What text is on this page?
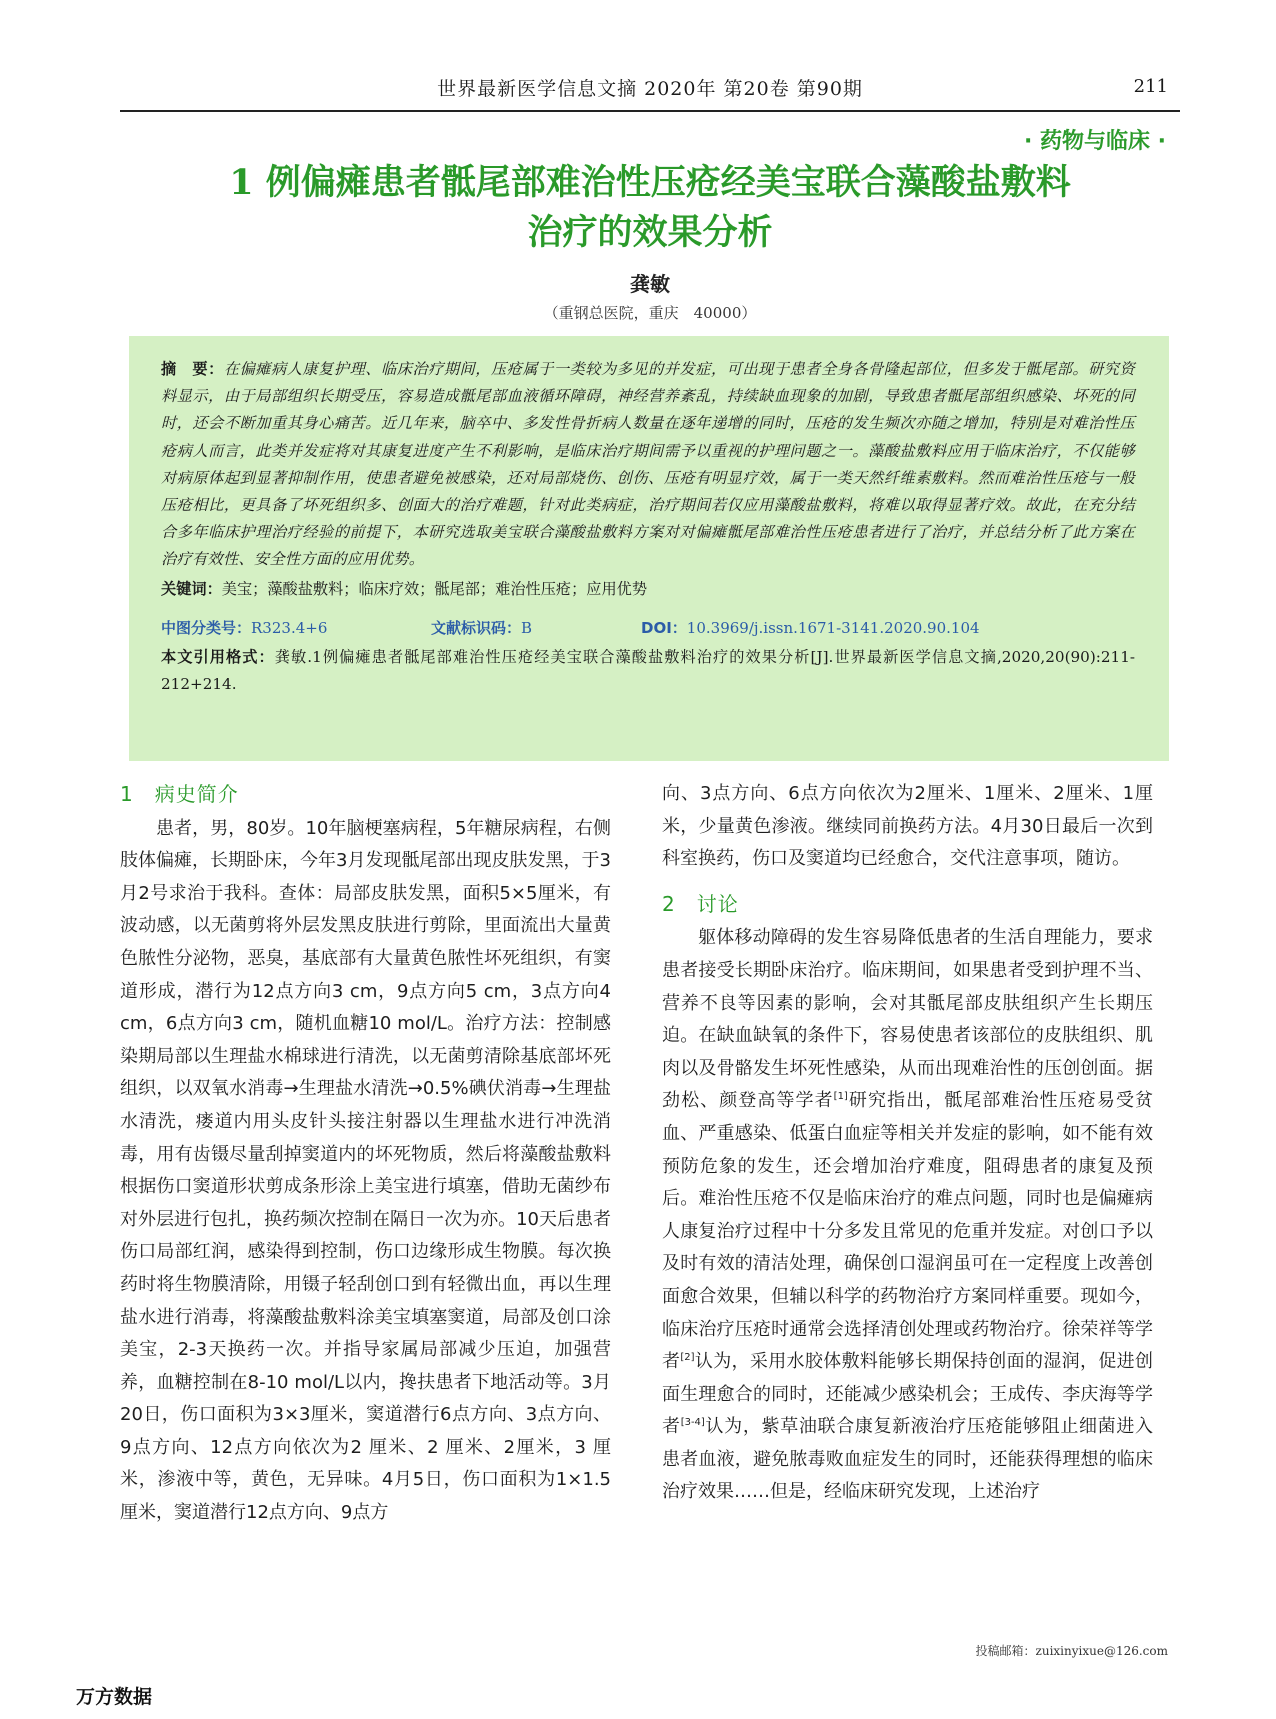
世界最新医学信息文摘 2020年 第20卷 第90期	211
· 药物与临床 ·
1 例偏瘫患者骶尾部难治性压疮经美宝联合藻酸盐敷料
治疗的效果分析
龚敏
（重钢总医院，重庆　40000）
摘　要：在偏瘫病人康复护理、临床治疗期间，压疮属于一类较为多见的并发症，可出现于患者全身各骨隆起部位，但多发于骶尾部。研究资料显示，由于局部组织长期受压，容易造成骶尾部血液循环障碍，神经营养紊乱，持续缺血现象的加剧，导致患者骶尾部组织感染、坏死的同时，还会不断加重其身心痛苦。近几年来，脑卒中、多发性骨折病人数量在逐年递增的同时，压疮的发生频次亦随之增加，特别是对难治性压疮病人而言，此类并发症将对其康复进度产生不利影响，是临床治疗期间需予以重视的护理问题之一。藻酸盐敷料应用于临床治疗，不仅能够对病原体起到显著抑制作用，使患者避免被感染，还对局部烧伤、创伤、压疮有明显疗效，属于一类天然纤维素敷料。然而难治性压疮与一般压疮相比，更具备了坏死组织多、创面大的治疗难题，针对此类病症，治疗期间若仅应用藻酸盐敷料，将难以取得显著疗效。故此，在充分结合多年临床护理治疗经验的前提下，本研究选取美宝联合藻酸盐敷料方案对对偏瘫骶尾部难治性压疮患者进行了治疗，并总结分析了此方案在治疗有效性、安全性方面的应用优势。
关键词：美宝；藻酸盐敷料；临床疗效；骶尾部；难治性压疮；应用优势
中图分类号：R323.4+6	文献标识码：B	DOI：10.3969/j.issn.1671-3141.2020.90.104
本文引用格式：龚敏.1例偏瘫患者骶尾部难治性压疮经美宝联合藻酸盐敷料治疗的效果分析[J].世界最新医学信息文摘,2020,20(90):211-212+214.
1　病史简介

患者，男，80岁。10年脑梗塞病程，5年糖尿病程，右侧肢体偏瘫，长期卧床，今年3月发现骶尾部出现皮肤发黑，于3月2号求治于我科。查体：局部皮肤发黑，面积5×5厘米，有波动感，以无菌剪将外层发黑皮肤进行剪除，里面流出大量黄色脓性分泌物，恶臭，基底部有大量黄色脓性坏死组织，有窦道形成，潜行为12点方向3 cm，9点方向5 cm，3点方向4 cm，6点方向3 cm，随机血糖10 mol/L。治疗方法：控制感染期局部以生理盐水棉球进行清洗，以无菌剪清除基底部坏死组织，以双氧水消毒→生理盐水清洗→0.5%碘伏消毒→生理盐水清洗，瘘道内用头皮针头接注射器以生理盐水进行冲洗消毒，用有齿镊尽量刮掉窦道内的坏死物质，然后将藻酸盐敷料根据伤口窦道形状剪成条形涂上美宝进行填塞，借助无菌纱布对外层进行包扎，换药频次控制在隔日一次为亦。10天后患者伤口局部红润，感染得到控制，伤口边缘形成生物膜。每次换药时将生物膜清除，用镊子轻刮创口到有轻微出血，再以生理盐水进行消毒，将藻酸盐敷料涂美宝填塞窦道，局部及创口涂美宝，2-3天换药一次。并指导家属局部减少压迫，加强营养，血糖控制在8-10 mol/L以内，搀扶患者下地活动等。3月20日，伤口面积为3×3厘米，窦道潜行6点方向、3点方向、9点方向、12点方向依次为2 厘米、2 厘米、2厘米，3 厘米，渗液中等，黄色，无异味。4月5日，伤口面积为1×1.5厘米，窦道潜行12点方向、9点方

向、3点方向、6点方向依次为2厘米、1厘米、2厘米、1厘米，少量黄色渗液。继续同前换药方法。4月30日最后一次到科室换药，伤口及窦道均已经愈合，交代注意事项，随访。

2　讨论

躯体移动障碍的发生容易降低患者的生活自理能力，要求患者接受长期卧床治疗。临床期间，如果患者受到护理不当、营养不良等因素的影响，会对其骶尾部皮肤组织产生长期压迫。在缺血缺氧的条件下，容易使患者该部位的皮肤组织、肌肉以及骨骼发生坏死性感染，从而出现难治性的压创创面。据劲松、颜登高等学者[1]研究指出，骶尾部难治性压疮易受贫血、严重感染、低蛋白血症等相关并发症的影响，如不能有效预防危象的发生，还会增加治疗难度，阻碍患者的康复及预后。难治性压疮不仅是临床治疗的难点问题，同时也是偏瘫病人康复治疗过程中十分多发且常见的危重并发症。对创口予以及时有效的清洁处理，确保创口湿润虽可在一定程度上改善创面愈合效果，但辅以科学的药物治疗方案同样重要。现如今，临床治疗压疮时通常会选择清创处理或药物治疗。徐荣祥等学者[2]认为，采用水胶体敷料能够长期保持创面的湿润，促进创面生理愈合的同时，还能减少感染机会；王成传、李庆海等学者[3-4]认为，紫草油联合康复新液治疗压疮能够阻止细菌进入患者血液，避免脓毒败血症发生的同时，还能获得理想的临床治疗效果……但是，经临床研究发现，上述治疗

投稿邮箱：zuixinyixue@126.com
万方数据
